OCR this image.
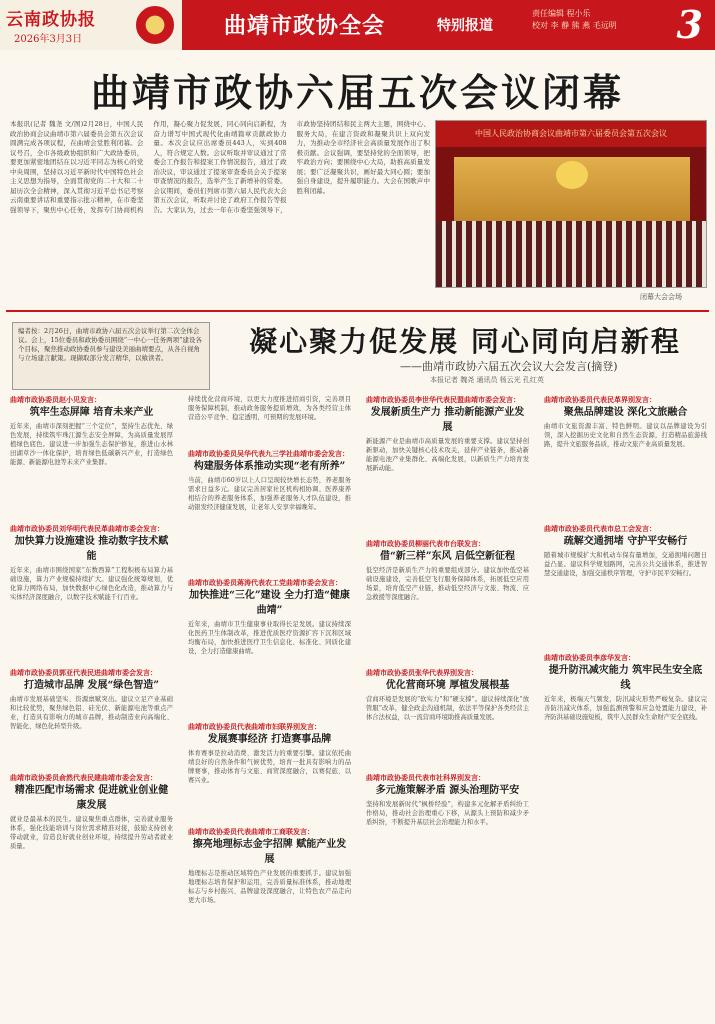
云南政协报
2026年3月3日
曲靖市政协全会	特别报道
责任编辑 程小乐
校对 李 静 熊 燕 毛远明 3
曲靖市政协六届五次会议闭幕
本报讯(记者 魏尧 文/图)2月28日，中国人民政治协商会议曲靖市第六届委员会第五次会议圆满完成各项议程，在曲靖会堂胜利闭幕。会议号召，全市各级政协组织和广大政协委员，要更加紧密地团结在以习近平同志为核心的党中央周围，坚持以习近平新时代中国特色社会主义思想为指导，全面贯彻党的二十大和二十届历次全会精神，深入贯彻习近平总书记考察云南重要讲话和重要指示批示精神，在市委坚强领导下，聚焦中心任务，发挥专门协商机构作用，凝心聚力促发展，同心同向启新程，为奋力谱写中国式现代化曲靖篇章贡献政协力量。本次会议应出席委员443人，实到408人，符合规定人数。会议听取并审议通过了常委会工作报告和提案工作情况报告，通过了政治决议，审议通过了提案审查委员会关于提案审查情况的报告，选举产生了新增补的常委。会议期间，委员们列席市第六届人民代表大会第五次会议，听取并讨论了政府工作报告等报告。大家认为，过去一年在市委坚强领导下，市政协坚持团结和民主两大主题，围绕中心、服务大局，在建言资政和凝聚共识上双向发力，为推动全市经济社会高质量发展作出了积极贡献。会议强调，要坚持党的全面领导，把牢政治方向；要围绕中心大局，助推高质量发展；要广泛凝聚共识，画好最大同心圆；要加强自身建设，提升履职能力。大会在国歌声中胜利闭幕。
中国人民政治协商会议曲靖市第六届委员会第五次会议
闭幕大会会场
编者按：2月26日，曲靖市政协六届五次会议举行第二次全体会议。会上，15位委员和政协委员围绕“一中心一任务两项”建设各个目标，聚焦推动政协委员参与建设美丽曲靖要点，从各自视角与立场建言献策。现撷取部分发言精华，以飨读者。	凝心聚力促发展 同心同向启新程
——曲靖市政协六届五次会议大会发言(摘登)
本报记者 魏尧 通讯员 杨云光 孔红英
曲靖市政协委员赵小见发言：
筑牢生态屏障 培育未来产业
近年来，曲靖市深刻把握“三个定位”，坚持生态优先、绿色发展，持续筑牢珠江源生态安全屏障，为高质量发展厚植绿色底色。建议进一步加强生态保护修复，推进山水林田湖草沙一体化保护，培育绿色低碳新兴产业，打造绿色能源、新能源电池等未来产业集群。
曲靖市政协委员刘华明代表民革曲靖市委会发言：
加快算力设施建设 推动数字技术赋能
近年来，曲靖市围绕国家“东数西算”工程积极布局算力基础设施，算力产业规模持续扩大。建议强化统筹规划，优化算力网络布局，加快数据中心绿色化改造，推动算力与实体经济深度融合，以数字技术赋能千行百业。
曲靖市政协委员郭亚代表民进曲靖市委会发言：
打造城市品牌 发展“绿色智造”
曲靖市发展基础坚实、资源禀赋突出。建议立足产业基础和比较优势，聚焦绿色铝、硅光伏、新能源电池等重点产业，打造具有影响力的城市品牌，推动制造业向高端化、智能化、绿色化转型升级。
曲靖市政协委员俞然代表民建曲靖市委会发言：
精准匹配市场需求 促进就业创业健康发展
就业是最基本的民生。建议聚焦重点群体，完善就业服务体系，强化技能培训与岗位需求精准对接，鼓励支持创业带动就业，营造良好就业创业环境，持续提升劳动者就业质量。
持续优化营商环境，以更大力度推进招商引资，完善项目服务保障机制，推动政务服务提质增效，为各类经营主体营造公平竞争、稳定透明、可预期的发展环境。
曲靖市政协委员吴华代表九三学社曲靖市委会发言：
构建服务体系推动实现“老有所养”
当前，曲靖市60岁以上人口呈现较快增长态势，养老服务需求日益多元。建议完善居家社区机构相协调、医养康养相结合的养老服务体系，加强养老服务人才队伍建设，推动银发经济健康发展，让老年人安享幸福晚年。
曲靖市政协委员蒋涛代表农工党曲靖市委会发言：
加快推进“三化”建设 全力打造“健康曲靖”
近年来，曲靖市卫生健康事业取得长足发展。建议持续深化医药卫生体制改革，推进优质医疗资源扩容下沉和区域均衡布局，加快推进医疗卫生信息化、标准化、同质化建设，全力打造健康曲靖。
曲靖市政协委员代表曲靖市妇联界别发言：
发展赛事经济 打造赛事品牌
体育赛事是拉动消费、激发活力的重要引擎。建议依托曲靖良好的自然条件和气候优势，培育一批具有影响力的品牌赛事，推动体育与文旅、商贸深度融合，以赛促旅、以赛兴业。
曲靖市政协委员代表曲靖市工商联发言：
擦亮地理标志金字招牌 赋能产业发展
地理标志是推动区域特色产业发展的重要抓手。建议加强地理标志培育保护和运用，完善质量标准体系，推动地理标志与乡村振兴、品牌建设深度融合，让特色农产品走向更大市场。
曲靖市政协委员李世华代表民盟曲靖市委会发言：
发展新质生产力 推动新能源产业发展
新能源产业是曲靖市高质量发展的重要支撑。建议坚持创新驱动，加快关键核心技术攻关，延伸产业链条，推动新能源电池产业集群化、高端化发展，以新质生产力培育发展新动能。
曲靖市政协委员柳丽代表市台联发言：
借“新三样”东风 启低空新征程
低空经济是新质生产力的重要组成部分。建议加快低空基础设施建设，完善低空飞行服务保障体系，拓展低空应用场景，培育低空产业链，推动低空经济与文旅、物流、应急救援等深度融合。
曲靖市政协委员张华代表界别发言：
优化营商环境 厚植发展根基
营商环境是发展的“软实力”和“硬支撑”。建议持续深化“放管服”改革，健全政企沟通机制，依法平等保护各类经营主体合法权益，以一流营商环境助推高质量发展。
曲靖市政协委员代表市社科界别发言：
多元施策解矛盾 源头治理防平安
坚持和发展新时代“枫桥经验”，构建多元化解矛盾纠纷工作格局，推动社会治理重心下移，从源头上预防和减少矛盾纠纷，不断提升基层社会治理能力和水平。
曲靖市政协委员代表民革界别发言：
聚焦品牌建设 深化文旅融合
曲靖市文旅资源丰富、特色鲜明。建议以品牌建设为引领，深入挖掘历史文化和自然生态资源，打造精品旅游线路，提升文旅服务品质，推动文旅产业高质量发展。
曲靖市政协委员代表市总工会发言：
疏解交通拥堵 守护平安畅行
随着城市规模扩大和机动车保有量增加，交通拥堵问题日益凸显。建议科学规划路网，完善公共交通体系，推进智慧交通建设，加强交通秩序管理，守护市民平安畅行。
曲靖市政协委员李彦华发言：
提升防汛减灾能力 筑牢民生安全底线
近年来，极端天气频发，防汛减灾形势严峻复杂。建议完善防汛减灾体系，加强监测预警和应急处置能力建设，补齐防洪基础设施短板，筑牢人民群众生命财产安全底线。
